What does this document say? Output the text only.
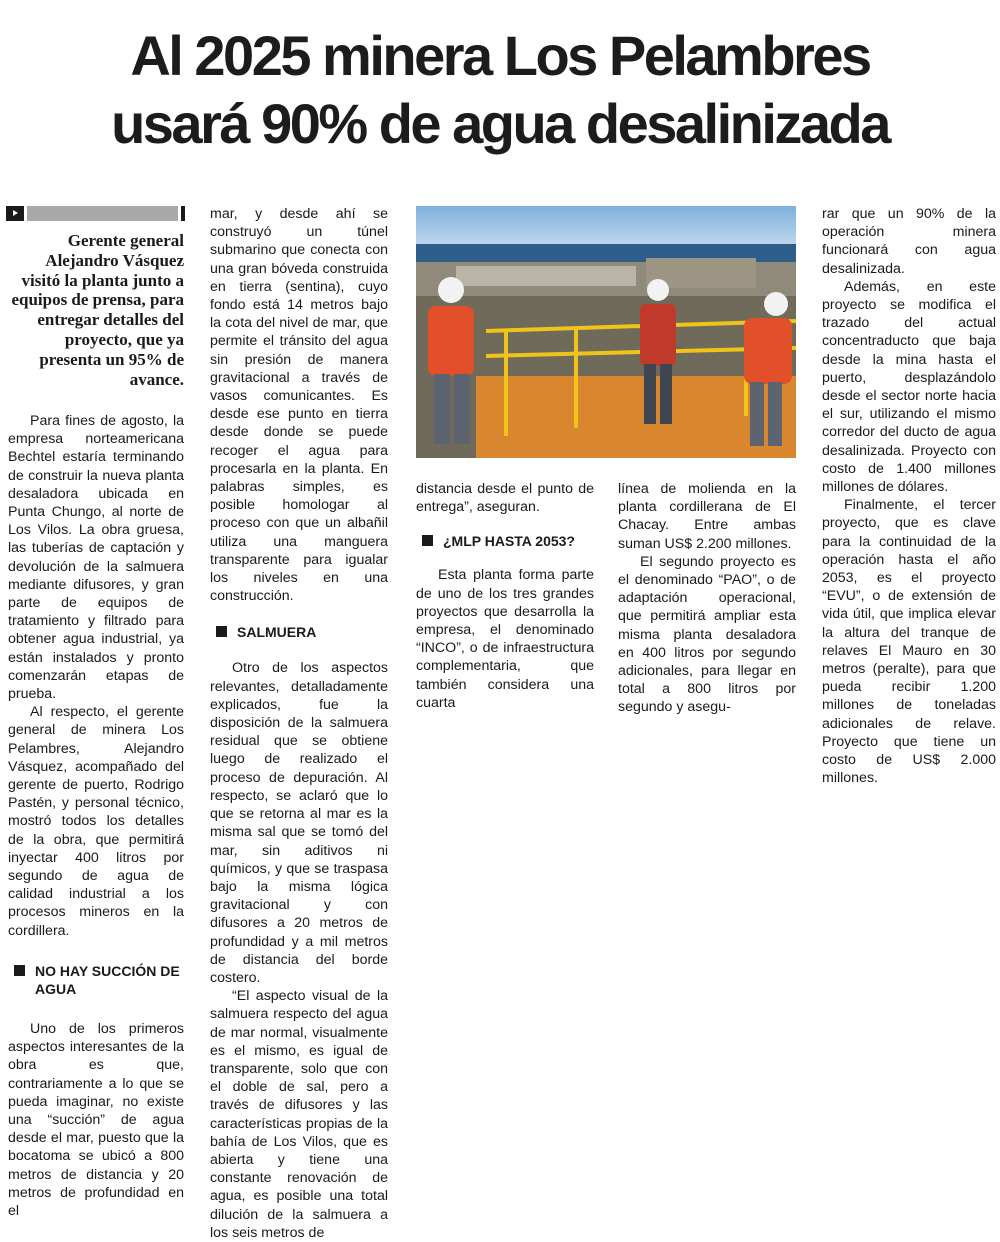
Al 2025 minera Los Pelambres
usará 90% de agua desalinizada

Gerente general Alejandro Vásquez visitó la planta junto a equipos de prensa, para entregar detalles del proyecto, que ya presenta un 95% de avance.

Para fines de agosto, la empresa norteamericana Bechtel estaría terminando de construir la nueva planta desaladora ubicada en Punta Chungo, al norte de Los Vilos. La obra gruesa, las tuberías de captación y devolución de la salmuera mediante difusores, y gran parte de equipos de tratamiento y filtrado para obtener agua industrial, ya están instalados y pronto comenzarán etapas de prueba.

Al respecto, el gerente general de minera Los Pelambres, Alejandro Vásquez, acompañado del gerente de puerto, Rodrigo Pastén, y personal técnico, mostró todos los detalles de la obra, que permitirá inyectar 400 litros por segundo de agua de calidad industrial a los procesos mineros en la cordillera.

NO HAY SUCCIÓN DE AGUA

Uno de los primeros aspectos interesantes de la obra es que, contrariamente a lo que se pueda imaginar, no existe una “succión” de agua desde el mar, puesto que la bocatoma se ubicó a 800 metros de distancia y 20 metros de profundidad en el

mar, y desde ahí se construyó un túnel submarino que conecta con una gran bóveda construida en tierra (sentina), cuyo fondo está 14 metros bajo la cota del nivel de mar, que permite el tránsito del agua sin presión de manera gravitacional a través de vasos comunicantes. Es desde ese punto en tierra desde donde se puede recoger el agua para procesarla en la planta. En palabras simples, es posible homologar al proceso con que un albañil utiliza una manguera transparente para igualar los niveles en una construcción.

SALMUERA

Otro de los aspectos relevantes, detalladamente explicados, fue la disposición de la salmuera residual que se obtiene luego de realizado el proceso de depuración. Al respecto, se aclaró que lo que se retorna al mar es la misma sal que se tomó del mar, sin aditivos ni químicos, y que se traspasa bajo la misma lógica gravitacional y con difusores a 20 metros de profundidad y a mil metros de distancia del borde costero.

“El aspecto visual de la salmuera respecto del agua de mar normal, visualmente es el mismo, es igual de transparente, solo que con el doble de sal, pero a través de difusores y las características propias de la bahía de Los Vilos, que es abierta y tiene una constante renovación de agua, es posible una total dilución de la salmuera a los seis metros de

distancia desde el punto de entrega”, aseguran.

¿MLP HASTA 2053?

Esta planta forma parte de uno de los tres grandes proyectos que desarrolla la empresa, el denominado “INCO”, o de infraestructura complementaria, que también considera una cuarta

línea de molienda en la planta cordillerana de El Chacay. Entre ambas suman US$ 2.200 millones.

El segundo proyecto es el denominado “PAO”, o de adaptación operacional, que permitirá ampliar esta misma planta desaladora en 400 litros por segundo adicionales, para llegar en total a 800 litros por segundo y asegu-

rar que un 90% de la operación minera funcionará con agua desalinizada.

Además, en este proyecto se modifica el trazado del actual concentraducto que baja desde la mina hasta el puerto, desplazándolo desde el sector norte hacia el sur, utilizando el mismo corredor del ducto de agua desalinizada. Proyecto con costo de 1.400 millones millones de dólares.

Finalmente, el tercer proyecto, que es clave para la continuidad de la operación hasta el año 2053, es el proyecto “EVU”, o de extensión de vida útil, que implica elevar la altura del tranque de relaves El Mauro en 30 metros (peralte), para que pueda recibir 1.200 millones de toneladas adicionales de relave. Proyecto que tiene un costo de US$ 2.000 millones.
